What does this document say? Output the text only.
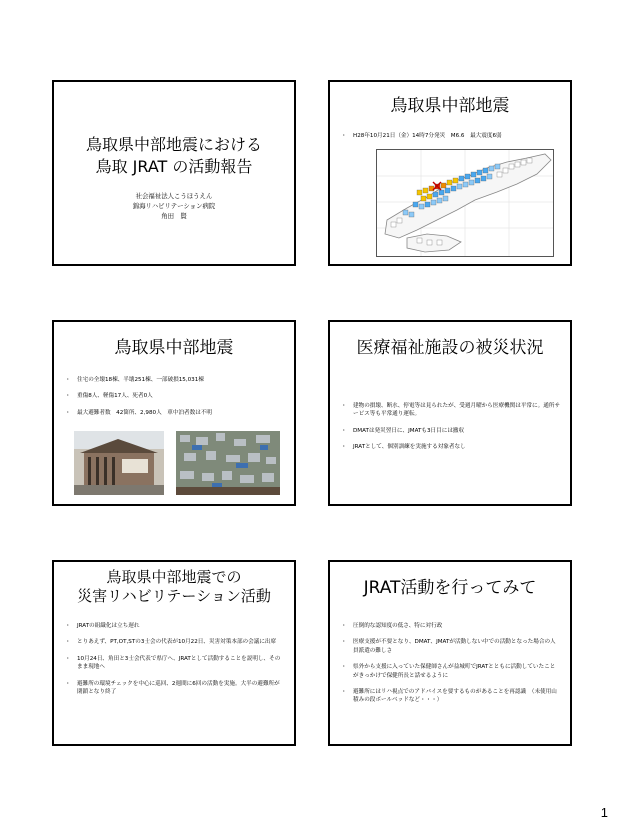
鳥取県中部地震における
鳥取 JRAT の活動報告
社会福祉法人こうほうえん
錦海リハビリテーション病院
角田　賢
鳥取県中部地震
・ H28年10月21日（金）14時7分発災　M6.6　最大震度6弱
鳥取県中部地震
・ 住宅の全壊18棟、半壊251棟、一部破損15,031棟
・ 重傷8人、軽傷17人、死者0人
・ 最大避難者数　42箇所、2,980人　車中泊者数は不明
医療福祉施設の被災状況
・ 建物の損壊、断水、停電等は見られたが、受週月曜から医療機関は平常に。通所サービス等も平常通り運転。
・ DMATは発災翌日に、JMATも3日目には撤収
・ JRATとして、個別訓練を実施する対象者なし
鳥取県中部地震での
災害リハビリテーション活動
・ JRATの組織化は立ち遅れ
・ とりあえず、PT,OT,STの3士会の代表が10月22日、災害対策本部の会議に出席
・ 10月24日、角田と3士会代表で県庁へ、JRATとして活動することを説明し、そのまま現地へ
・ 避難所の環境チェックを中心に巡回、2週間に6回の活動を実施。大半の避難所が閉鎖となり終了
JRAT活動を行ってみて
・ 圧倒的な認知度の低さ、特に対行政
・ 医療支援が不要となり、DMAT、JMATが活動しない中での活動となった場合の人員派遣の難しさ
・ 県外から支援に入っていた保健師さんが益城町でJRATとともに活動していたことがきっかけで保健所長と話せるように
・ 避難所にはリハ視点でのアドバイスを要するものがあることを再認識　（未使用山積みの段ボールベッドなど・・・）
1
